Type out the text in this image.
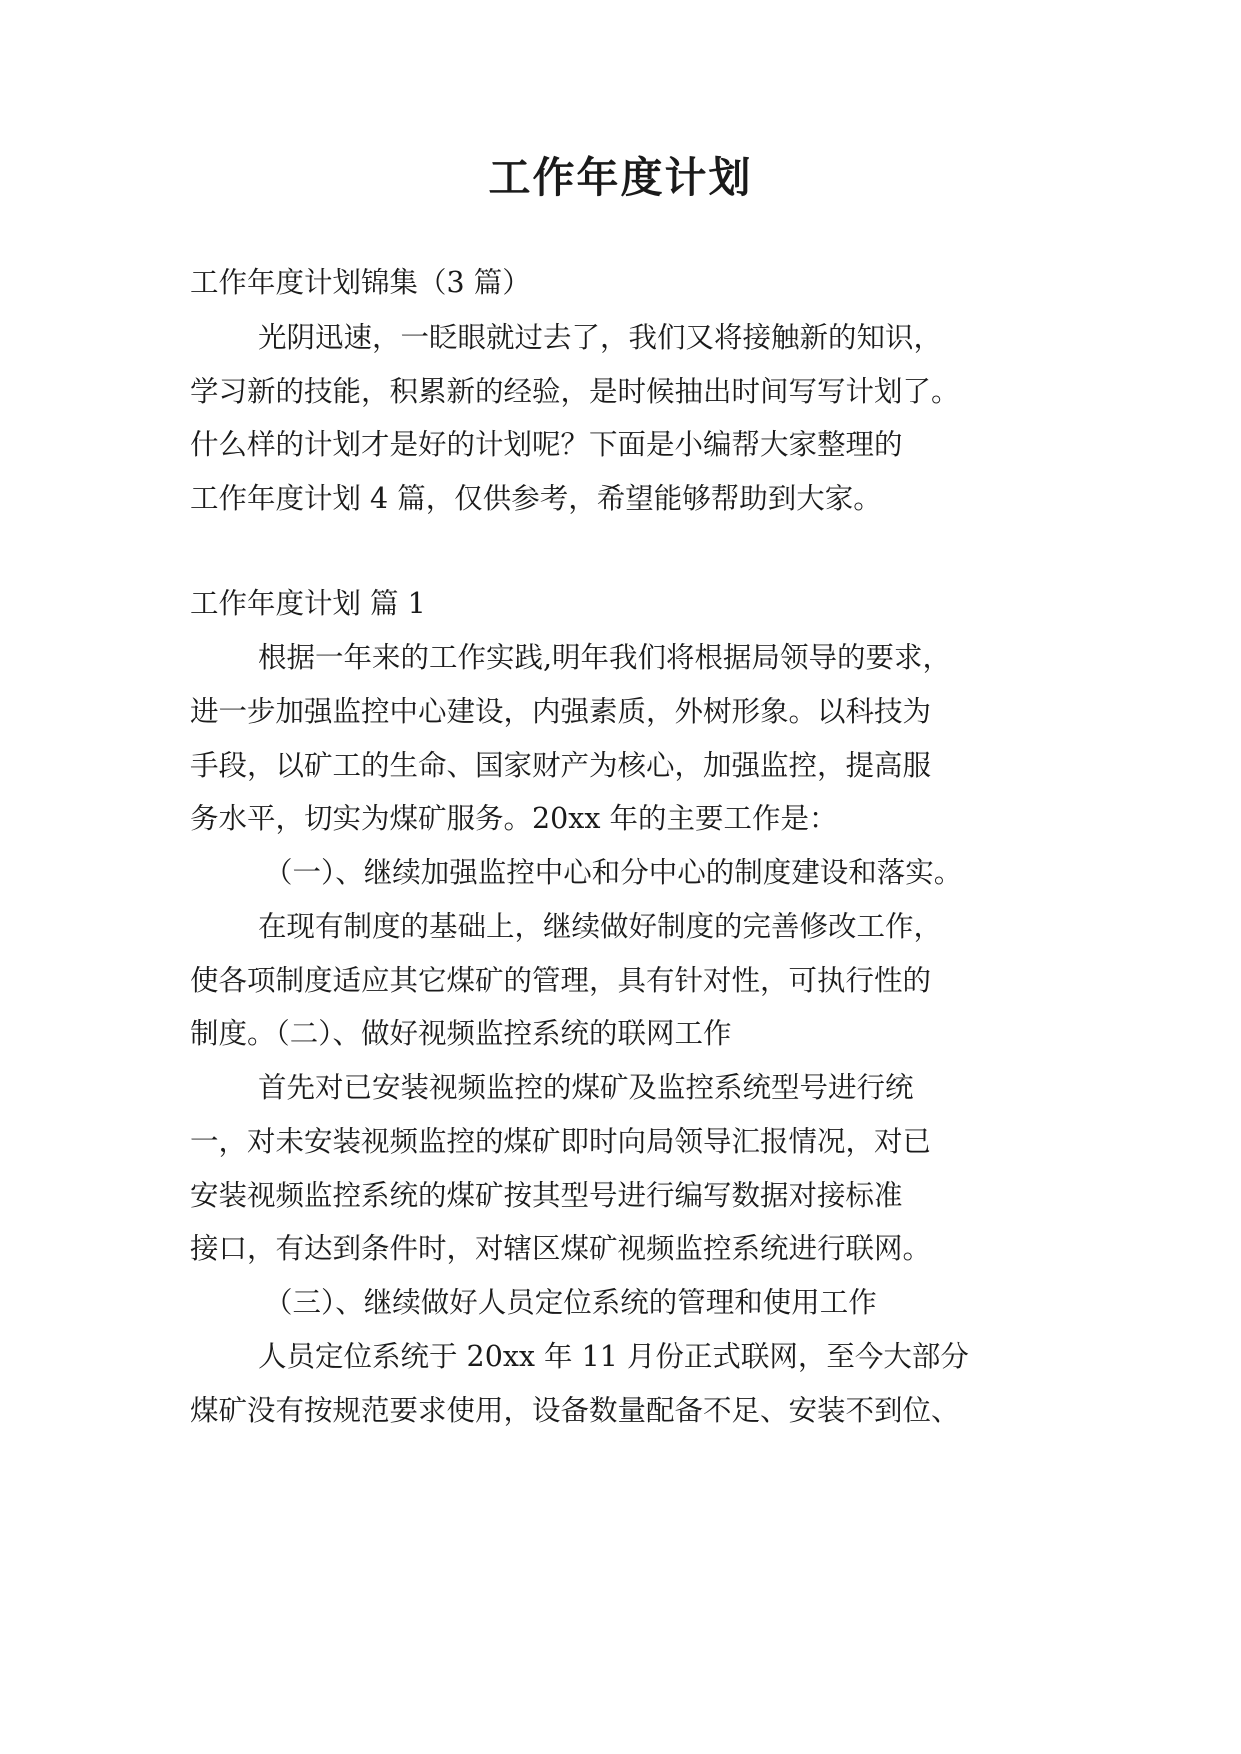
工作年度计划
工作年度计划锦集（3 篇）
光阴迅速，一眨眼就过去了，我们又将接触新的知识，
学习新的技能，积累新的经验，是时候抽出时间写写计划了。
什么样的计划才是好的计划呢？下面是小编帮大家整理的
工作年度计划 4 篇，仅供参考，希望能够帮助到大家。
工作年度计划 篇 1
根据一年来的工作实践,明年我们将根据局领导的要求，
进一步加强监控中心建设，内强素质，外树形象。以科技为
手段，以矿工的生命、国家财产为核心，加强监控，提高服
务水平，切实为煤矿服务。20xx 年的主要工作是：
（一）、继续加强监控中心和分中心的制度建设和落实。
在现有制度的基础上，继续做好制度的完善修改工作，
使各项制度适应其它煤矿的管理，具有针对性，可执行性的
制度。（二）、做好视频监控系统的联网工作
首先对已安装视频监控的煤矿及监控系统型号进行统
一，对未安装视频监控的煤矿即时向局领导汇报情况，对已
安装视频监控系统的煤矿按其型号进行编写数据对接标准
接口，有达到条件时，对辖区煤矿视频监控系统进行联网。
（三）、继续做好人员定位系统的管理和使用工作
人员定位系统于 20xx 年 11 月份正式联网，至今大部分
煤矿没有按规范要求使用，设备数量配备不足、安装不到位、
